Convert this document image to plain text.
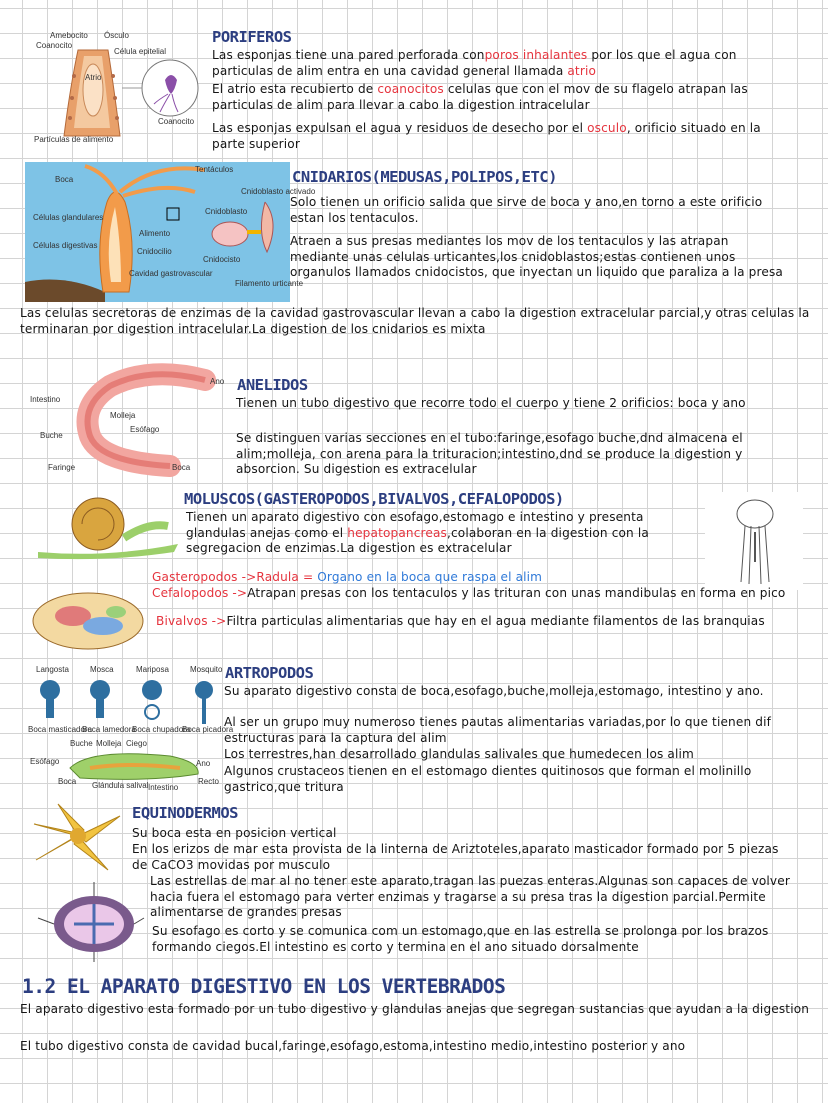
Amebocito Ósculo
Coanocito
Célula epitelial
Atrio
Partículas de alimento
Coanocito
PORIFEROS

Las esponjas tiene una pared perforada conporos inhalantes por los que el agua con particulas de alim entra en una cavidad general llamada atrio

El atrio esta recubierto de coanocitos celulas que con el mov de su flagelo atrapan las particulas de alim para llevar a cabo la digestion intracelular

Las esponjas expulsan el agua y residuos de desecho por el osculo, orificio situado en la parte superior

Boca
Tentáculos
Células glandulares
Células digestivas
Cavidad gastrovascular
Alimento
Cnidoblasto
Cnidoblasto activado
Cnidocilio
Cnidocisto
Filamento urticante
CNIDARIOS(MEDUSAS,POLIPOS,ETC)

Solo tienen un orificio salida que sirve de boca y ano,en torno a este orificio estan los tentaculos.

Atraen a sus presas mediantes los mov de los tentaculos y las atrapan mediante unas celulas urticantes,los cnidoblastos;estas contienen unos organulos llamados cnidocistos, que inyectan un liquido que paraliza a la presa

Las celulas secretoras de enzimas de la cavidad gastrovascular llevan a cabo la digestion extracelular parcial,y otras celulas la terminaran por digestion intracelular.La digestion de los cnidarios es mixta

Ano
Intestino
Molleja
Esófago
Buche
Faringe	Boca
ANELIDOS

Tienen un tubo digestivo que recorre todo el cuerpo y tiene 2 orificios: boca y ano

Se distinguen varias secciones en el tubo:faringe,esofago buche,dnd almacena el alim;molleja, con arena para la trituracion;intestino,dnd se produce la digestion y absorcion. Su digestion es extracelular

MOLUSCOS(GASTEROPODOS,BIVALVOS,CEFALOPODOS)

Tienen un aparato digestivo con esofago,estomago e intestino y presenta glandulas anejas como el hepatopancreas,colaboran en la digestion con la segregacion de enzimas.La digestion es extracelular

Gasteropodos ->Radula = Organo en la boca que raspa el alim

Cefalopodos ->Atrapan presas con los tentaculos y las trituran con unas mandibulas en forma en pico

Bivalvos ->Filtra particulas alimentarias que hay en el agua mediante filamentos de las branquias

Langosta	Mosca	Mariposa	Mosquito
Boca masticadora
Boca lamedora
Boca chupadora
Boca picadora
Buche Molleja Ciego
Esófago	Ano
Boca Glándula salival Intestino
Recto
ARTROPODOS

Su aparato digestivo consta de boca,esofago,buche,molleja,estomago, intestino y ano.

Al ser un grupo muy numeroso tienes pautas alimentarias variadas,por lo que tienen dif estructuras para la captura del alim

Los terrestres,han desarrollado glandulas salivales que humedecen los alim

Algunos crustaceos tienen en el estomago dientes quitinosos que forman el molinillo gastrico,que tritura

EQUINODERMOS

Su boca esta en posicion vertical

En los erizos de mar esta provista de la linterna de Ariztoteles,aparato masticador formado por 5 piezas de CaCO3 movidas por musculo

Las estrellas de mar al no tener este aparato,tragan las puezas enteras.Algunas son capaces de volver hacia fuera el estomago para verter enzimas y tragarse a su presa tras la digestion parcial.Permite alimentarse de grandes presas

Su esofago es corto y se comunica com un estomago,que en las estrella se prolonga por los brazos formando ciegos.El intestino es corto y termina en el ano situado dorsalmente

1.2 EL APARATO DIGESTIVO EN LOS VERTEBRADOS

El aparato digestivo esta formado por un tubo digestivo y glandulas anejas que segregan sustancias que ayudan a la digestion

El tubo digestivo consta de cavidad bucal,faringe,esofago,estoma,intestino medio,intestino posterior y ano
